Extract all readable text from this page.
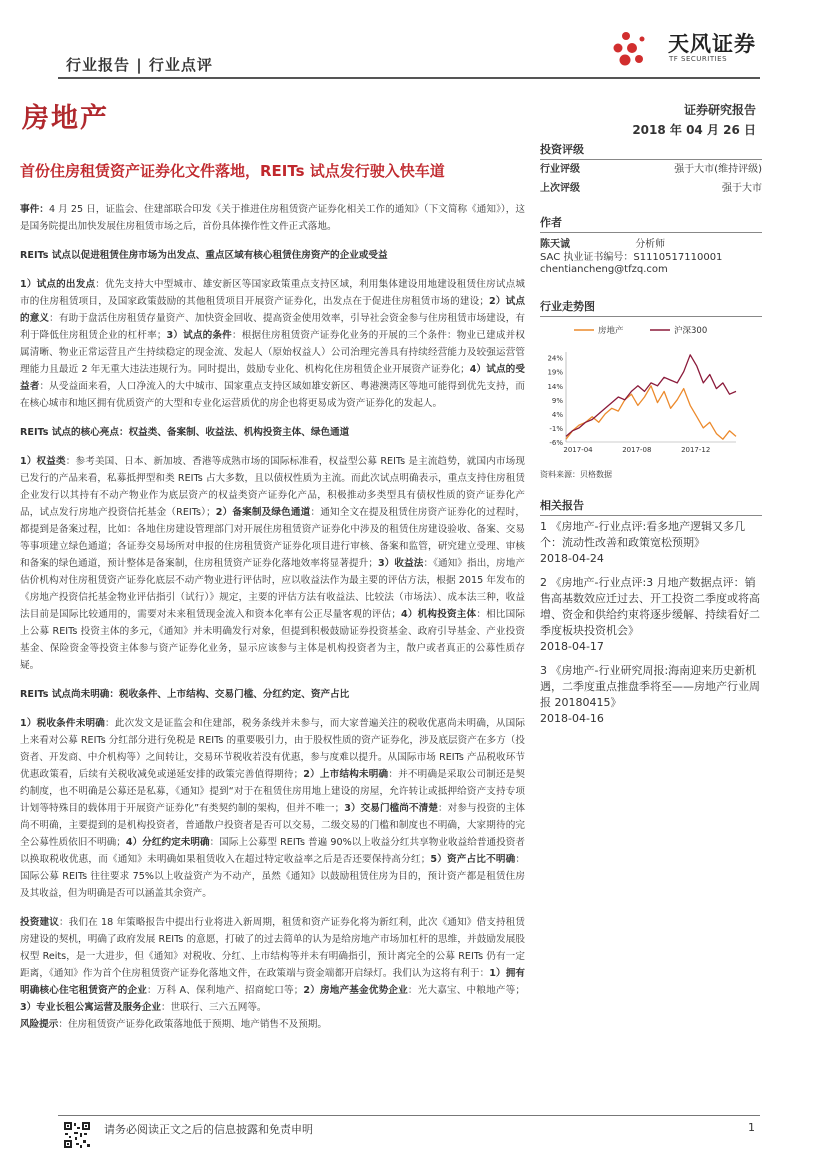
行业报告 | 行业点评
天风证券
TF SECURITIES
房地产	证券研究报告
2018 年 04 月 26 日
首份住房租赁资产证券化文件落地，REITs 试点发行驶入快车道

事件：4 月 25 日，证监会、住建部联合印发《关于推进住房租赁资产证券化相关工作的通知》（下文简称《通知》），这是国务院提出加快发展住房租赁市场之后，首份具体操作性文件正式落地。

REITs 试点以促进租赁住房市场为出发点、重点区域有核心租赁住房资产的企业或受益

1）试点的出发点：优先支持大中型城市、雄安新区等国家政策重点支持区域，利用集体建设用地建设租赁住房试点城市的住房租赁项目，及国家政策鼓励的其他租赁项目开展资产证券化，出发点在于促进住房租赁市场的建设；2）试点的意义：有助于盘活住房租赁存量资产、加快资金回收、提高资金使用效率，引导社会资金参与住房租赁市场建设，有利于降低住房租赁企业的杠杆率；3）试点的条件：根据住房租赁资产证券化业务的开展的三个条件：物业已建成并权属清晰、物业正常运营且产生持续稳定的现金流、发起人（原始权益人）公司治理完善具有持续经营能力及较强运营管理能力且最近 2 年无重大违法违规行为。同时提出，鼓励专业化、机构化住房租赁企业开展资产证券化；4）试点的受益者：从受益面来看，人口净流入的大中城市、国家重点支持区域如雄安新区、粤港澳湾区等地可能得到优先支持，而在核心城市和地区拥有优质资产的大型和专业化运营质优的房企也将更易成为资产证券化的发起人。

REITs 试点的核心亮点：权益类、备案制、收益法、机构投资主体、绿色通道

1）权益类：参考美国、日本、新加坡、香港等成熟市场的国际标准看，权益型公募 REITs 是主流趋势，就国内市场现已发行的产品来看，私募抵押型和类 REITs 占大多数，且以债权性质为主流。而此次试点明确表示，重点支持住房租赁企业发行以其持有不动产物业作为底层资产的权益类资产证券化产品，积极推动多类型具有债权性质的资产证券化产品，试点发行房地产投资信托基金（REITs）；2）备案制及绿色通道：通知全文在提及租赁住房资产证券化的过程时，都提到是备案过程，比如：各地住房建设管理部门对开展住房租赁资产证券化中涉及的租赁住房建设验收、备案、交易等事项建立绿色通道；各证券交易场所对申报的住房租赁资产证券化项目进行审核、备案和监管，研究建立受理、审核和备案的绿色通道，预计整体是备案制，住房租赁资产证券化落地效率将显著提升；3）收益法：《通知》指出，房地产估价机构对住房租赁资产证券化底层不动产物业进行评估时，应以收益法作为最主要的评估方法，根据 2015 年发布的《房地产投资信托基金物业评估指引（试行）》规定，主要的评估方法有收益法、比较法（市场法）、成本法三种，收益法目前是国际比较通用的，需要对未来租赁现金流入和资本化率有公正尽量客观的评估；4）机构投资主体：相比国际上公募 REITs 投资主体的多元，《通知》并未明确发行对象，但提到积极鼓励证券投资基金、政府引导基金、产业投资基金、保险资金等投资主体参与资产证券化业务，显示应该参与主体是机构投资者为主，散户或者真正的公募性质存疑。

REITs 试点尚未明确：税收条件、上市结构、交易门槛、分红约定、资产占比

1）税收条件未明确：此次发文是证监会和住建部，税务条线并未参与，而大家普遍关注的税收优惠尚未明确，从国际上来看对公募 REITs 分红部分进行免税是 REITs 的重要吸引力，由于股权性质的资产证券化，涉及底层资产在多方（投资者、开发商、中介机构等）之间转让，交易环节税收若没有优惠，参与度难以提升。从国际市场 REITs 产品税收环节优惠政策看，后续有关税收减免或递延安排的政策完善值得期待；2）上市结构未明确：并不明确是采取公司制还是契约制度，也不明确是公募还是私募，《通知》提到“对于在租赁住房用地上建设的房屋，允许转让或抵押给资产支持专项计划等特殊目的载体用于开展资产证券化”有类契约制的架构，但并不唯一；3）交易门槛尚不清楚：对参与投资的主体尚不明确，主要提到的是机构投资者，普通散户投资者是否可以交易，二级交易的门槛和制度也不明确，大家期待的完全公募性质依旧不明确；4）分红约定未明确：国际上公募型 REITs 普遍 90%以上收益分红共享物业收益给普通投资者以换取税收优惠，而《通知》未明确如果租赁收入在超过特定收益率之后是否还要保持高分红；5）资产占比不明确：国际公募 REITs 往往要求 75%以上收益资产为不动产，虽然《通知》以鼓励租赁住房为目的，预计资产都是租赁住房及其收益，但为明确是否可以涵盖其余资产。

投资建议：我们在 18 年策略报告中提出行业将进入新周期，租赁和资产证券化将为新红利，此次《通知》借支持租赁房建设的契机，明确了政府发展 REITs 的意愿，打破了的过去简单的认为是给房地产市场加杠杆的思维，并鼓励发展股权型 Reits，是一大进步，但《通知》对税收、分红、上市结构等并未有明确指引，预计离完全的公募 REITs 仍有一定距离，《通知》作为首个住房租赁资产证券化落地文件，在政策端与资金端都开启绿灯。我们认为这将有利于：1）拥有明确核心住宅租赁资产的企业：万科 A、保利地产、招商蛇口等；2）房地产基金优势企业：光大嘉宝、中粮地产等；3）专业长租公寓运营及服务企业：世联行、三六五网等。

风险提示：住房租赁资产证券化政策落地低于预期、地产销售不及预期。

投资评级
行业评级	强于大市(维持评级)
上次评级	强于大市
作者
陈天诚	分析师
SAC 执业证书编号：S1110517110001
chentiancheng@tfzq.com
行业走势图
房地产	沪深300
24%
19%
14%
9%
4%
-1%
-6%
2017-04	2017-08	2017-12
资料来源：贝格数据
相关报告
1 《房地产-行业点评:看多地产逻辑又多几个：流动性改善和政策宽松预期》
2018-04-24
2 《房地产-行业点评:3 月地产数据点评：销售高基数效应迁过去、开工投资二季度或将高增、资金和供给约束将逐步缓解、持续看好二季度板块投资机会》
2018-04-17
3 《房地产-行业研究周报:海南迎来历史新机遇，二季度重点推盘季将至——房地产行业周报 20180415》
2018-04-16
请务必阅读正文之后的信息披露和免责申明	1
